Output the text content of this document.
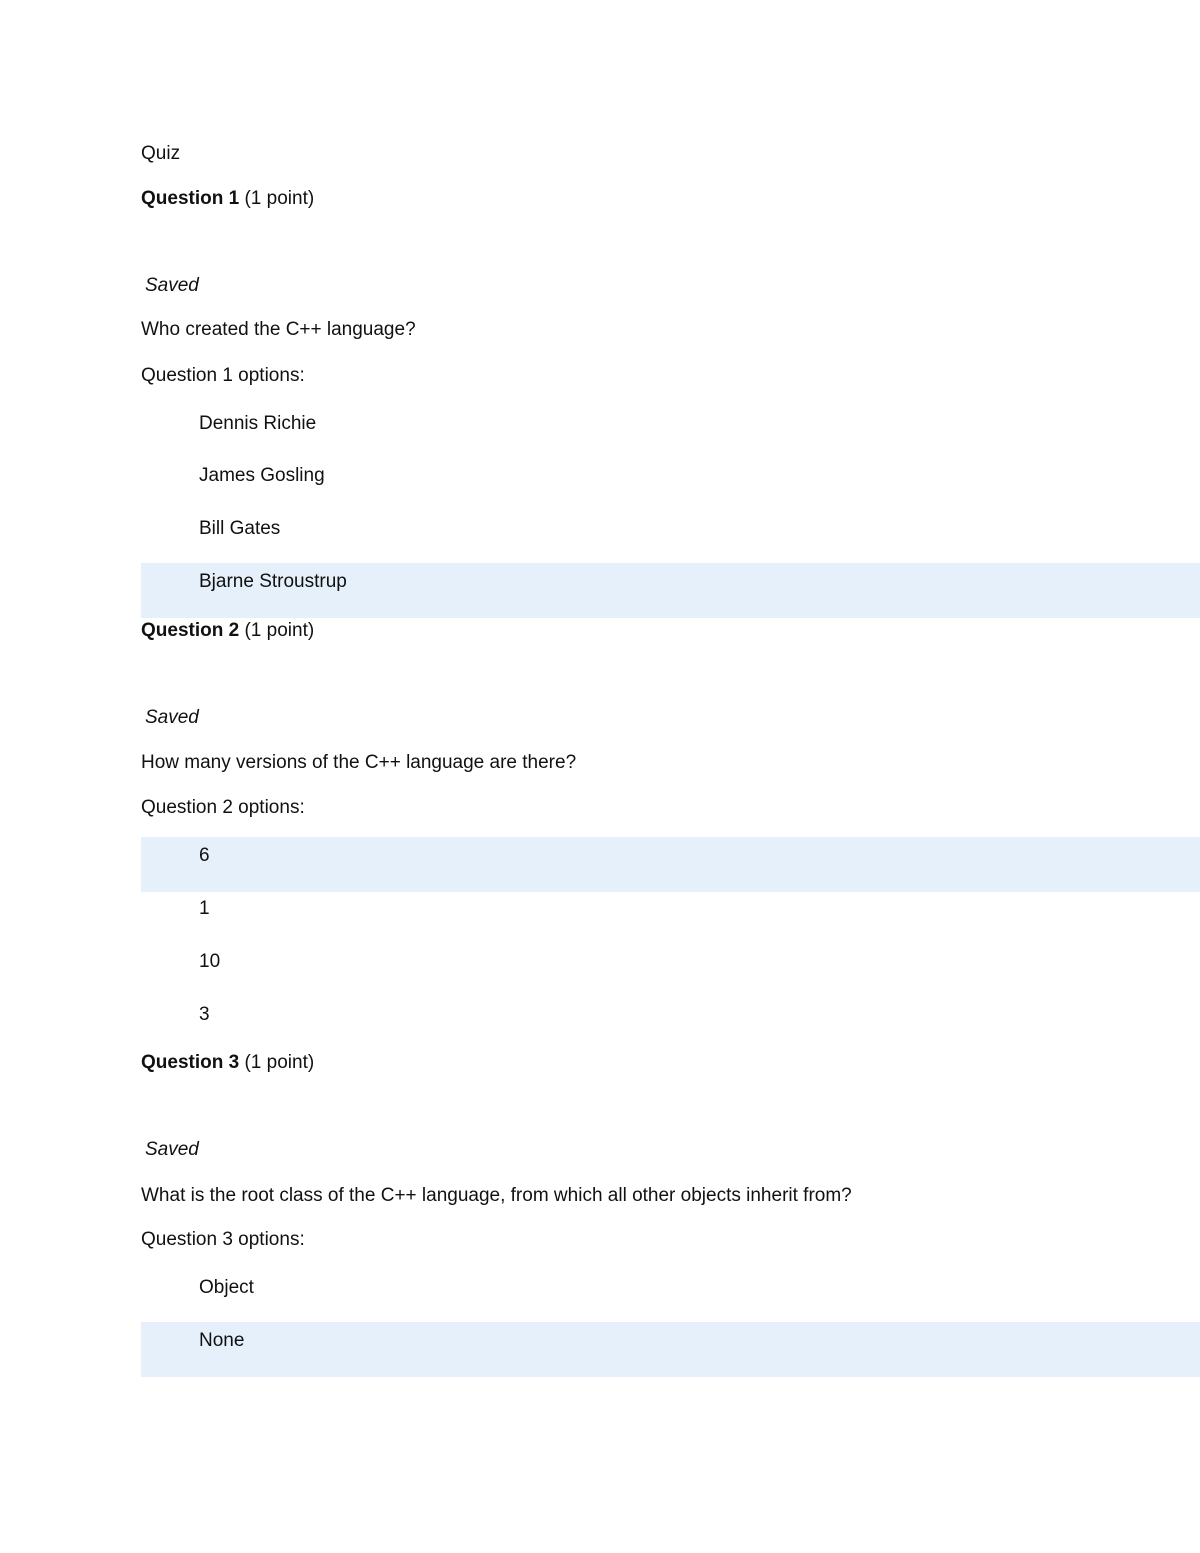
Quiz
Question 1 (1 point)
Saved
Who created the C++ language?
Question 1 options:
Dennis Richie
James Gosling
Bill Gates
Bjarne Stroustrup
Question 2 (1 point)
Saved
How many versions of the C++ language are there?
Question 2 options:
6
1
10
3
Question 3 (1 point)
Saved
What is the root class of the C++ language, from which all other objects inherit from?
Question 3 options:
Object
None
